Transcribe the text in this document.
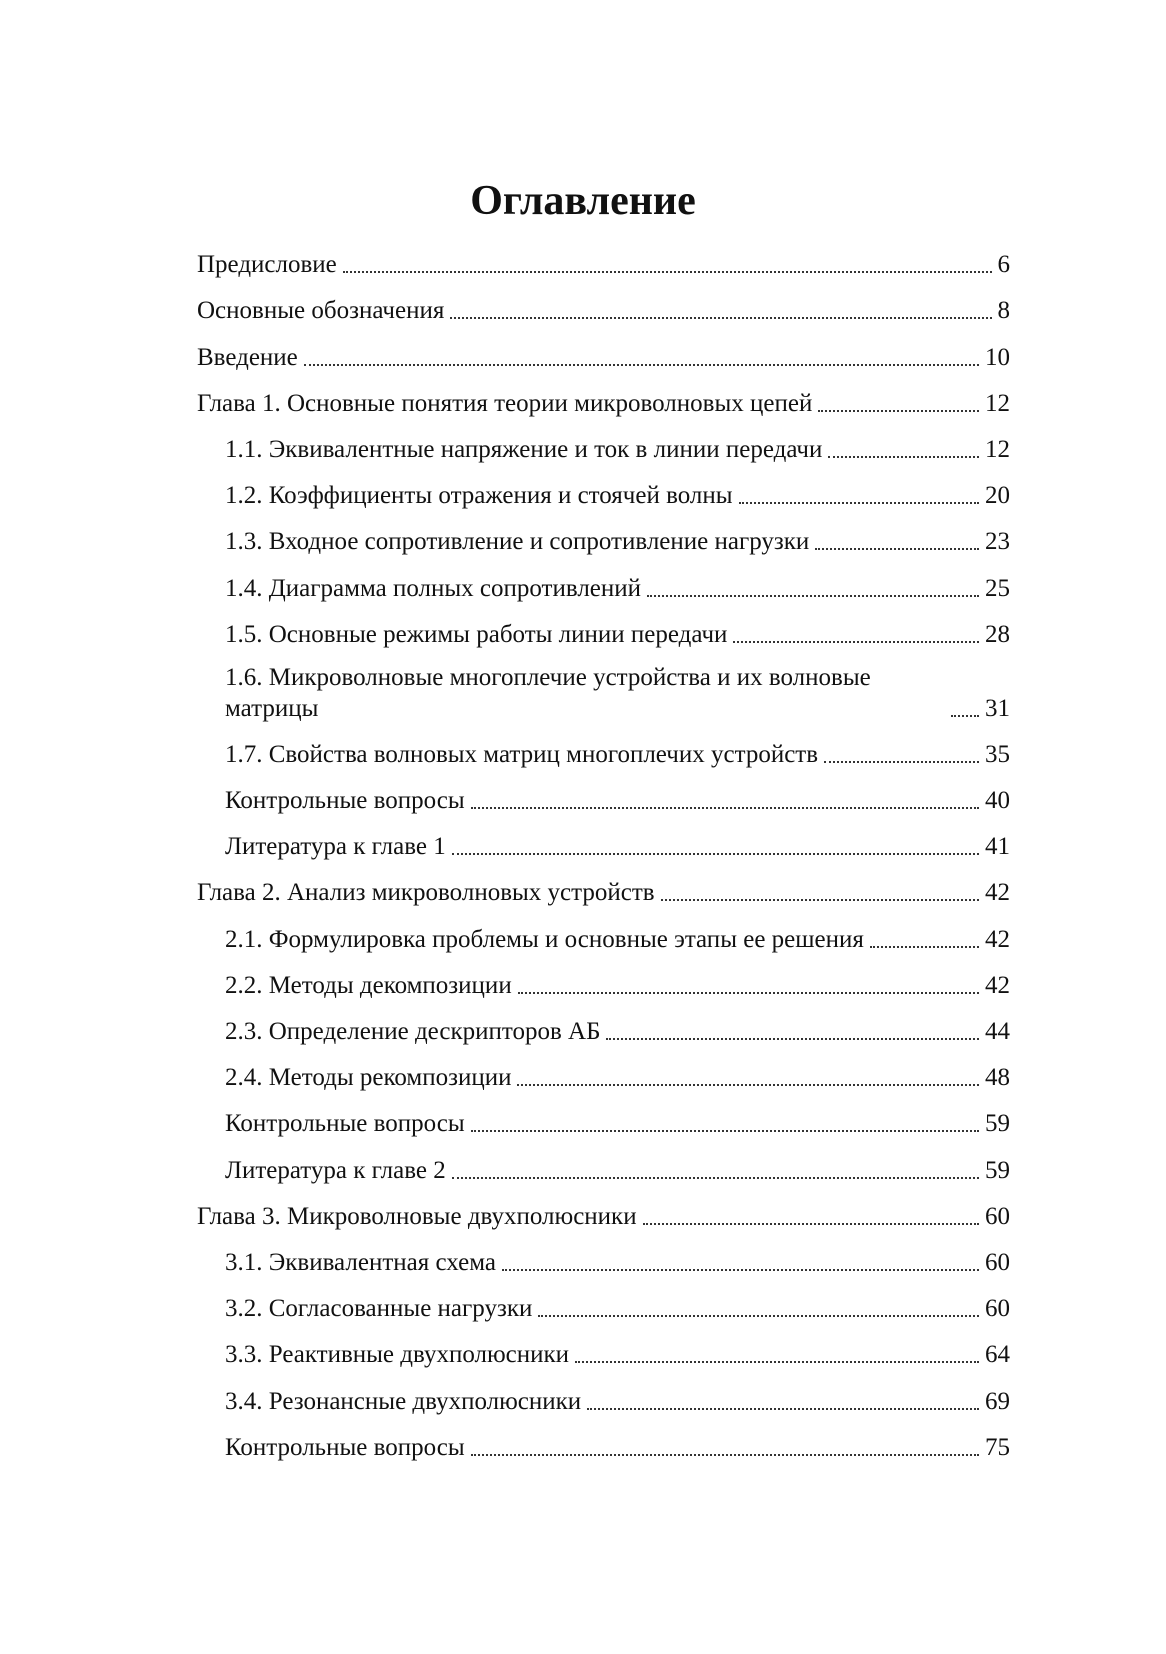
Оглавление
Предисловие	6
Основные обозначения	8
Введение	10
Глава 1. Основные понятия теории микроволновых цепей	12
1.1. Эквивалентные напряжение и ток в линии передачи	12
1.2. Коэффициенты отражения и стоячей волны	20
1.3. Входное сопротивление и сопротивление нагрузки	23
1.4. Диаграмма полных сопротивлений	25
1.5. Основные режимы работы линии передачи	28
1.6. Микроволновые многоплечие устройства и их волновые матрицы	31
1.7. Свойства волновых матриц многоплечих устройств	35
Контрольные вопросы	40
Литература к главе 1	41
Глава 2. Анализ микроволновых устройств	42
2.1. Формулировка проблемы и основные этапы ее решения	42
2.2. Методы декомпозиции	42
2.3. Определение дескрипторов АБ	44
2.4. Методы рекомпозиции	48
Контрольные вопросы	59
Литература к главе 2	59
Глава 3. Микроволновые двухполюсники	60
3.1. Эквивалентная схема	60
3.2. Согласованные нагрузки	60
3.3. Реактивные двухполюсники	64
3.4. Резонансные двухполюсники	69
Контрольные вопросы	75
